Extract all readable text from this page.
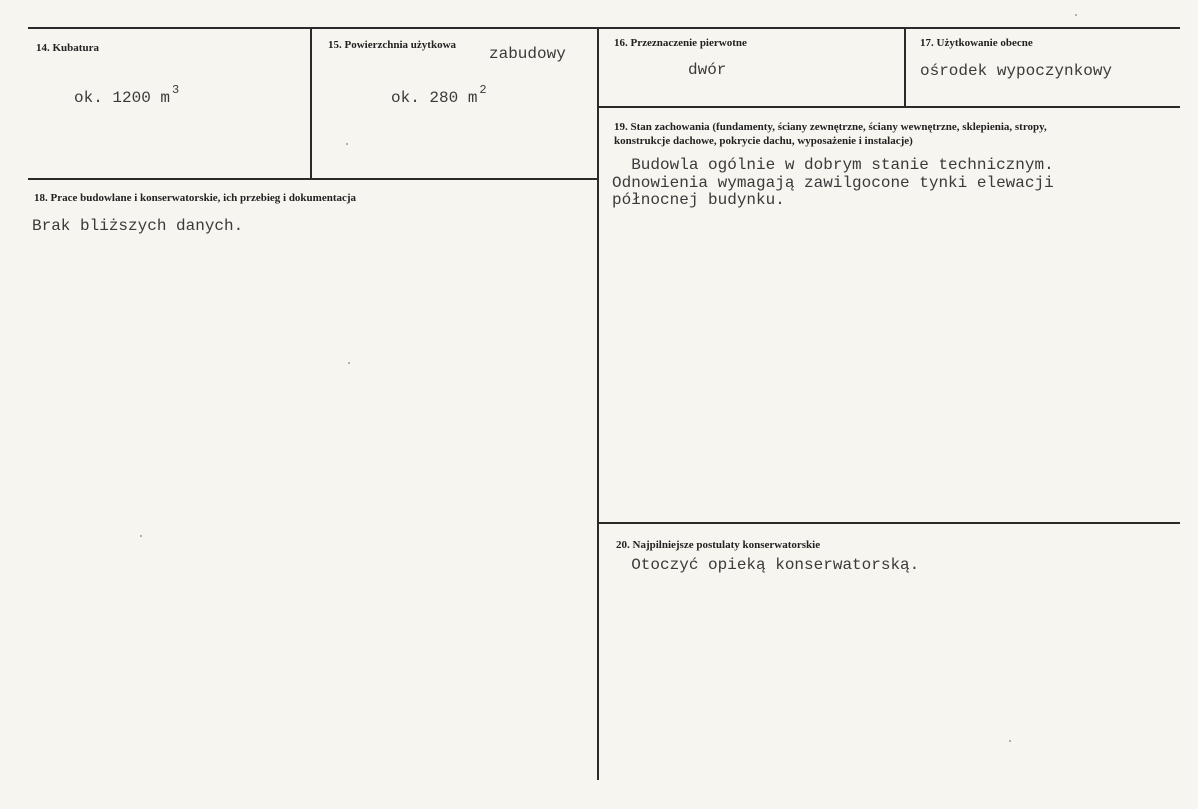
14. Kubatura
ok. 1200 m $^3$
15. Powierzchnia użytkowa zabudowy
ok. 280 m $^2$
16. Przeznaczenie pierwotne
dwór
17. Użytkowanie obecne
ośrodek wypoczynkowy
19. Stan zachowania (fundamenty, ściany zewnętrzne, ściany wewnętrzne, sklepienia, stropy,
konstrukcje dachowe, pokrycie dachu, wyposażenie i instalacje)
Budowla ogólnie w dobrym stanie technicznym.
Odnowienia wymagają zawilgocone tynki elewacji
północnej budynku.
18. Prace budowlane i konserwatorskie, ich przebieg i dokumentacja
Brak bliższych danych.
20. Najpilniejsze postulaty konserwatorskie
Otoczyć opieką konserwatorską.
